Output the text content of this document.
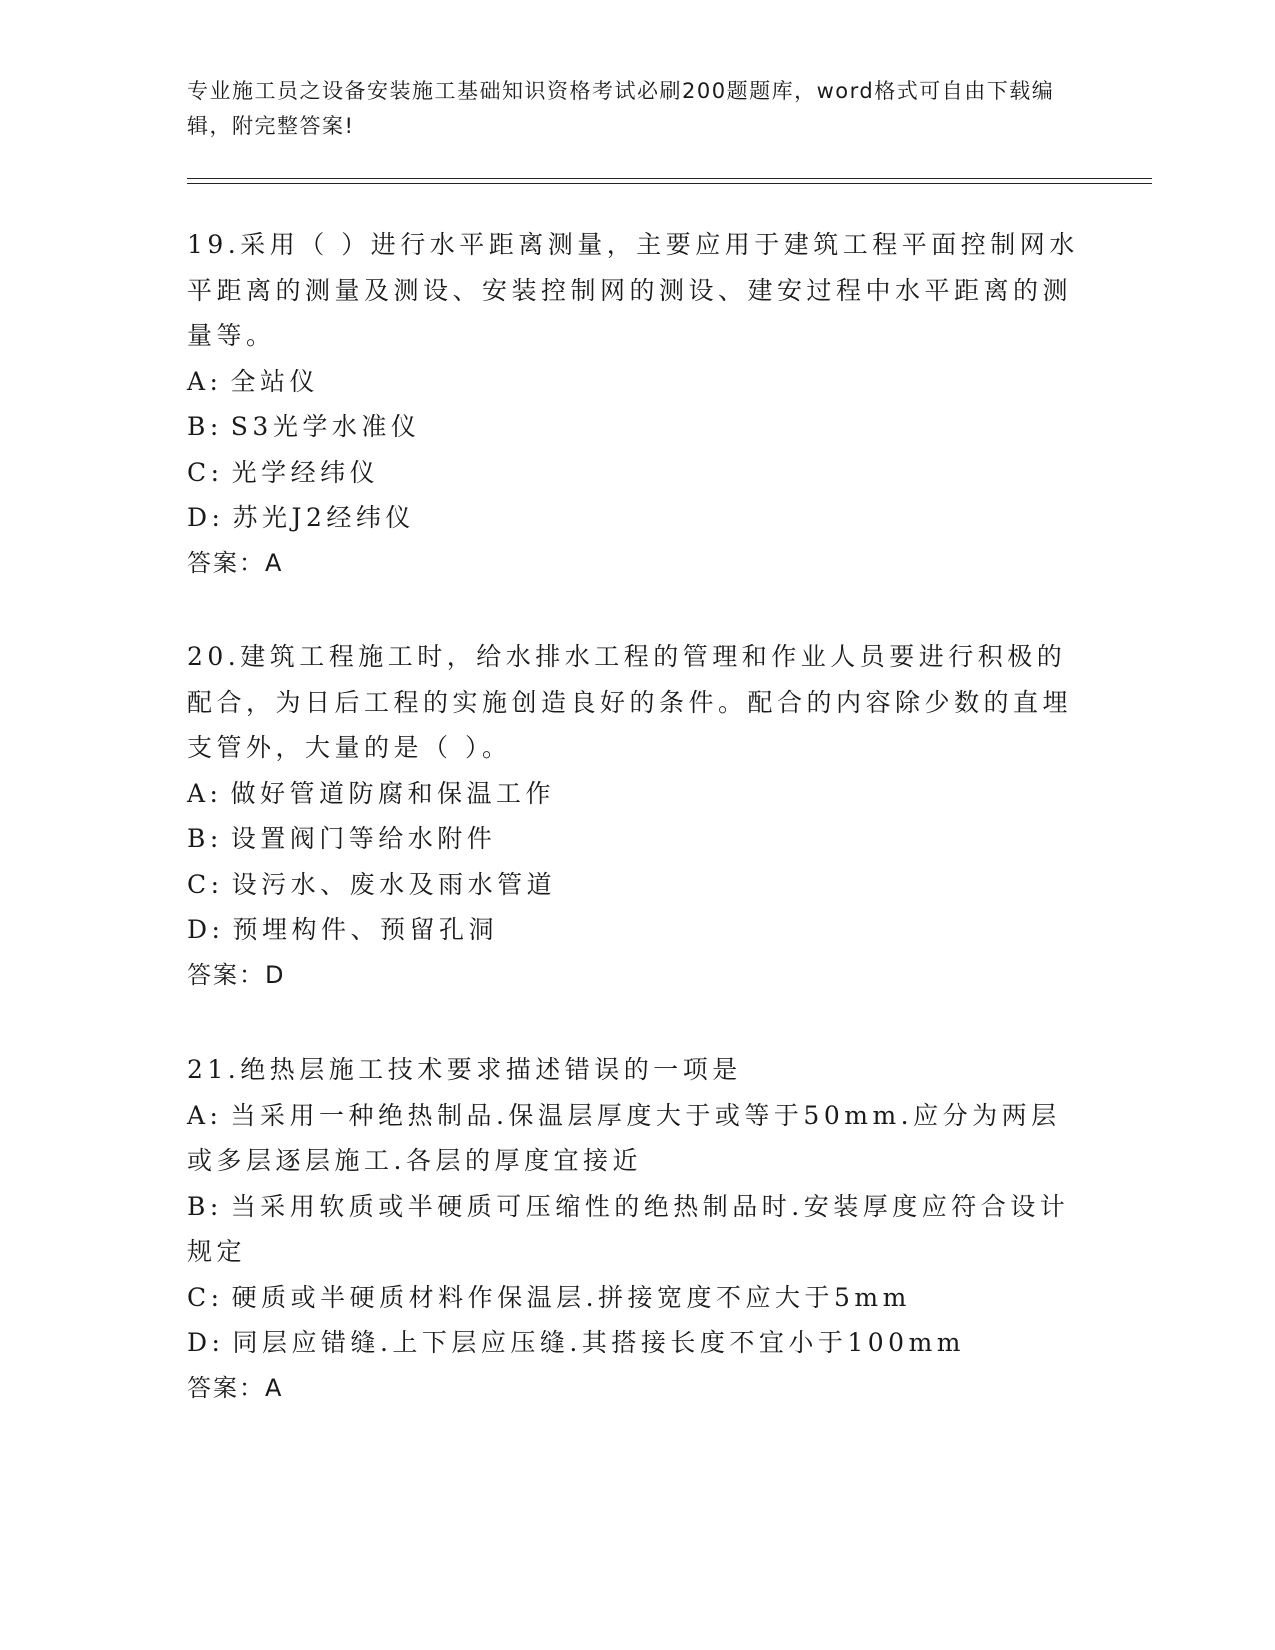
专业施工员之设备安装施工基础知识资格考试必刷200题题库，word格式可自由下载编辑，附完整答案!
19.采用（ ）进行水平距离测量，主要应用于建筑工程平面控制网水平距离的测量及测设、安装控制网的测设、建安过程中水平距离的测量等。
A: 全站仪
B: S3光学水准仪
C: 光学经纬仪
D: 苏光J2经纬仪
答案：A
20.建筑工程施工时，给水排水工程的管理和作业人员要进行积极的配合，为日后工程的实施创造良好的条件。配合的内容除少数的直埋支管外，大量的是（ ）。
A: 做好管道防腐和保温工作
B: 设置阀门等给水附件
C: 设污水、废水及雨水管道
D: 预埋构件、预留孔洞
答案：D
21.绝热层施工技术要求描述错误的一项是
A: 当采用一种绝热制品.保温层厚度大于或等于50mm.应分为两层或多层逐层施工.各层的厚度宜接近
B: 当采用软质或半硬质可压缩性的绝热制品时.安装厚度应符合设计规定
C: 硬质或半硬质材料作保温层.拼接宽度不应大于5mm
D: 同层应错缝.上下层应压缝.其搭接长度不宜小于100mm
答案：A
